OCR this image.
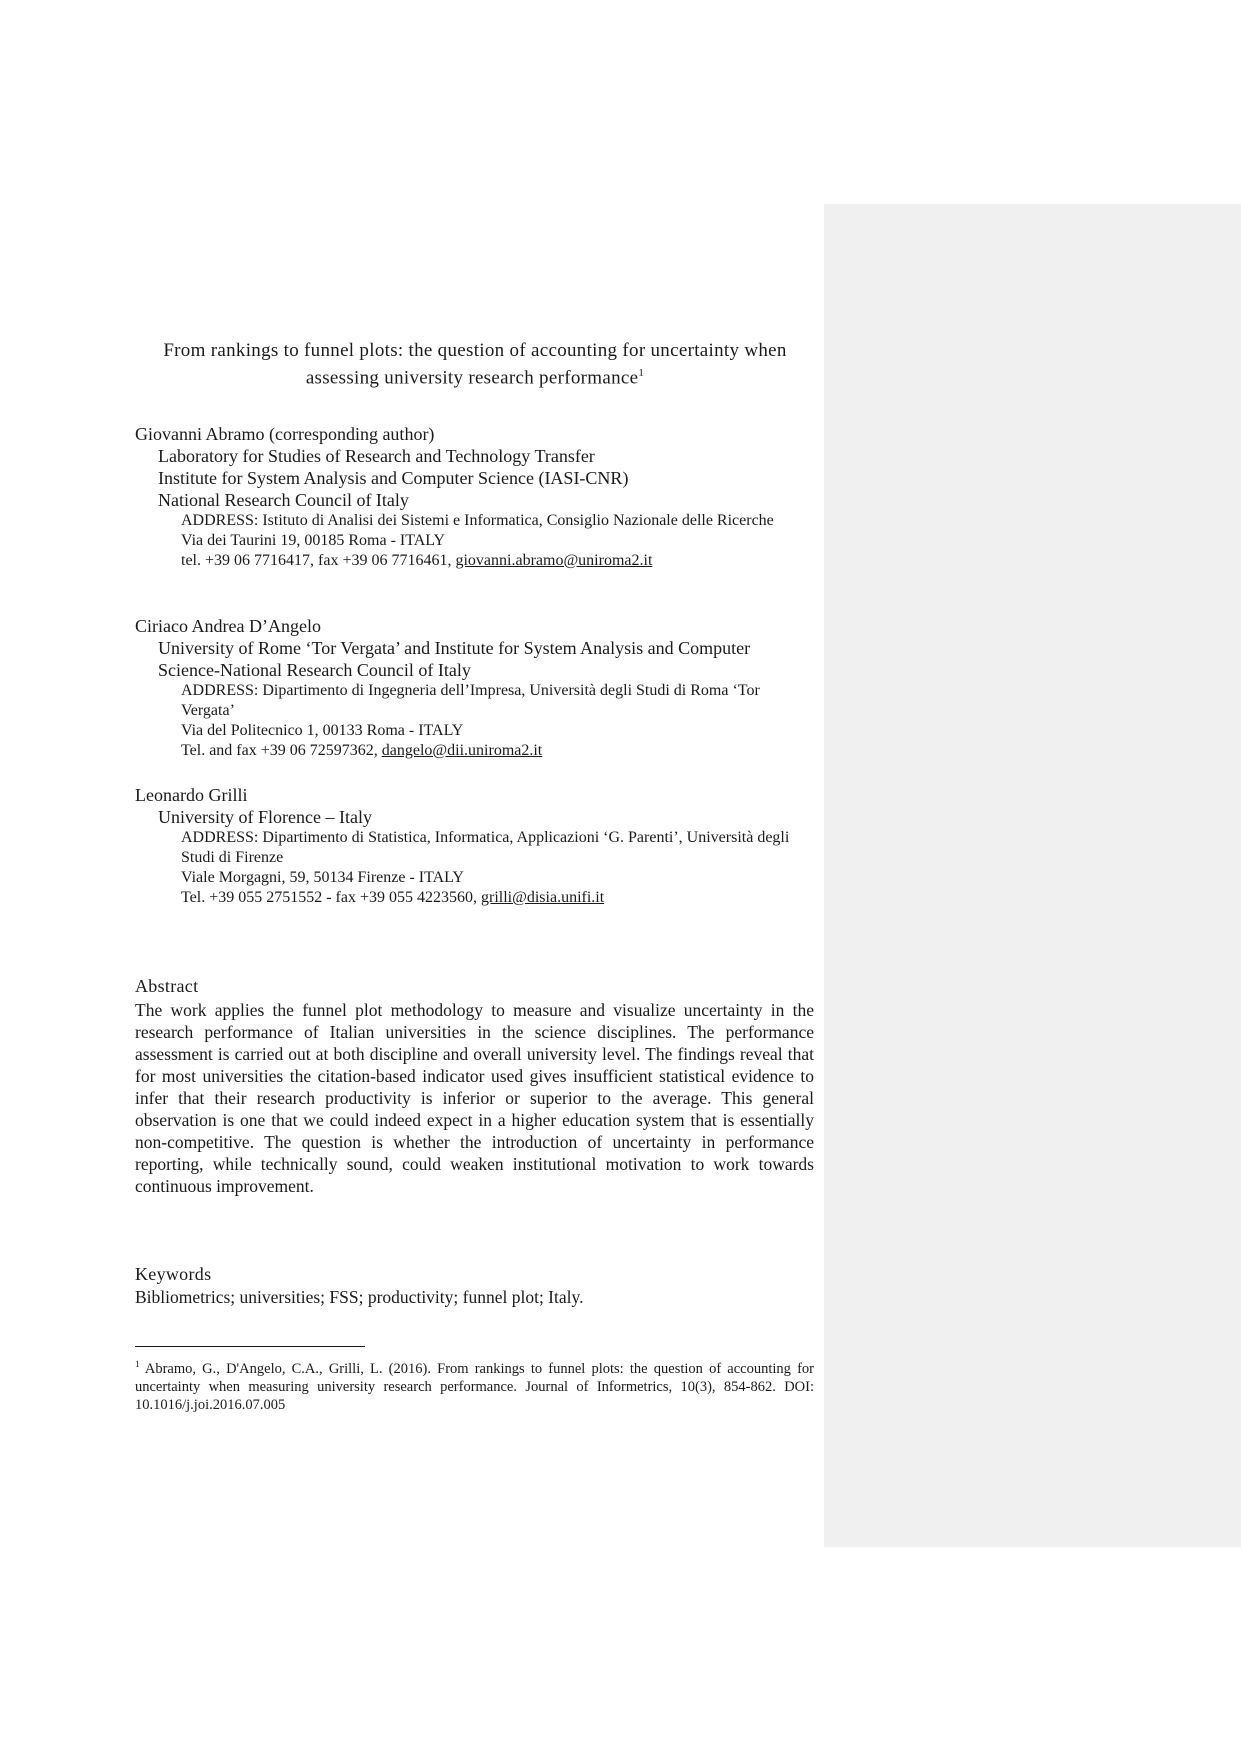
From rankings to funnel plots: the question of accounting for uncertainty when assessing university research performance$^1$
Giovanni Abramo (corresponding author)
Laboratory for Studies of Research and Technology Transfer
Institute for System Analysis and Computer Science (IASI-CNR)
National Research Council of Italy
ADDRESS: Istituto di Analisi dei Sistemi e Informatica, Consiglio Nazionale delle Ricerche
Via dei Taurini 19, 00185 Roma - ITALY
tel. +39 06 7716417, fax +39 06 7716461, giovanni.abramo@uniroma2.it
Ciriaco Andrea D’Angelo
University of Rome ‘Tor Vergata’ and Institute for System Analysis and Computer Science-National Research Council of Italy
ADDRESS: Dipartimento di Ingegneria dell’Impresa, Università degli Studi di Roma ‘Tor Vergata’
Via del Politecnico 1, 00133 Roma - ITALY
Tel. and fax +39 06 72597362, dangelo@dii.uniroma2.it
Leonardo Grilli
University of Florence – Italy
ADDRESS: Dipartimento di Statistica, Informatica, Applicazioni ‘G. Parenti’, Università degli Studi di Firenze
Viale Morgagni, 59, 50134 Firenze - ITALY
Tel. +39 055 2751552 - fax +39 055 4223560, grilli@disia.unifi.it
Abstract
The work applies the funnel plot methodology to measure and visualize uncertainty in the research performance of Italian universities in the science disciplines. The performance assessment is carried out at both discipline and overall university level. The findings reveal that for most universities the citation-based indicator used gives insufficient statistical evidence to infer that their research productivity is inferior or superior to the average. This general observation is one that we could indeed expect in a higher education system that is essentially non-competitive. The question is whether the introduction of uncertainty in performance reporting, while technically sound, could weaken institutional motivation to work towards continuous improvement.
Keywords
Bibliometrics; universities; FSS; productivity; funnel plot; Italy.
$^1$ Abramo, G., D'Angelo, C.A., Grilli, L. (2016). From rankings to funnel plots: the question of accounting for uncertainty when measuring university research performance. Journal of Informetrics, 10(3), 854-862. DOI: 10.1016/j.joi.2016.07.005
